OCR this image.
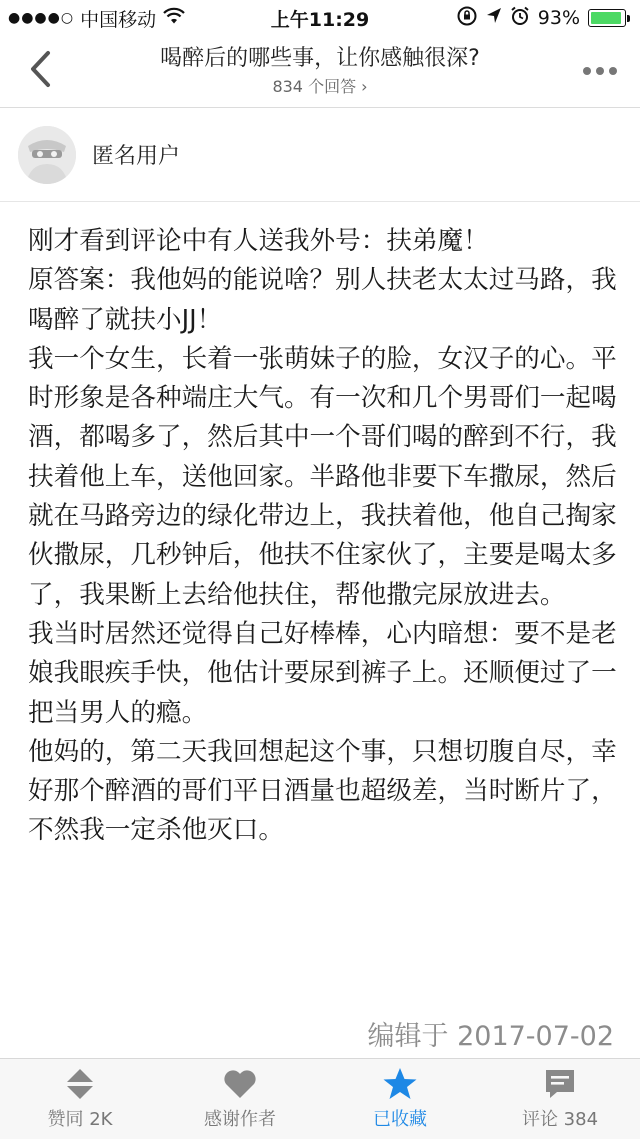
●●●●○ 中国移动	上午11:29	93%
喝醉后的哪些事，让你感触很深?
834 个回答 ›
匿名用户

刚才看到评论中有人送我外号：扶弟魔！

原答案：我他妈的能说啥？别人扶老太太过马路，我喝醉了就扶小JJ！

我一个女生，长着一张萌妹子的脸，女汉子的心。平时形象是各种端庄大气。有一次和几个男哥们一起喝酒，都喝多了，然后其中一个哥们喝的醉到不行，我扶着他上车，送他回家。半路他非要下车撒尿，然后就在马路旁边的绿化带边上，我扶着他，他自己掏家伙撒尿，几秒钟后，他扶不住家伙了，主要是喝太多了，我果断上去给他扶住，帮他撒完尿放进去。

我当时居然还觉得自己好棒棒，心内暗想：要不是老娘我眼疾手快，他估计要尿到裤子上。还顺便过了一把当男人的瘾。

他妈的，第二天我回想起这个事，只想切腹自尽，幸好那个醉酒的哥们平日酒量也超级差，当时断片了，不然我一定杀他灭口。

编辑于 2017-07-02
赞同 2K	感谢作者	已收藏	评论 384
